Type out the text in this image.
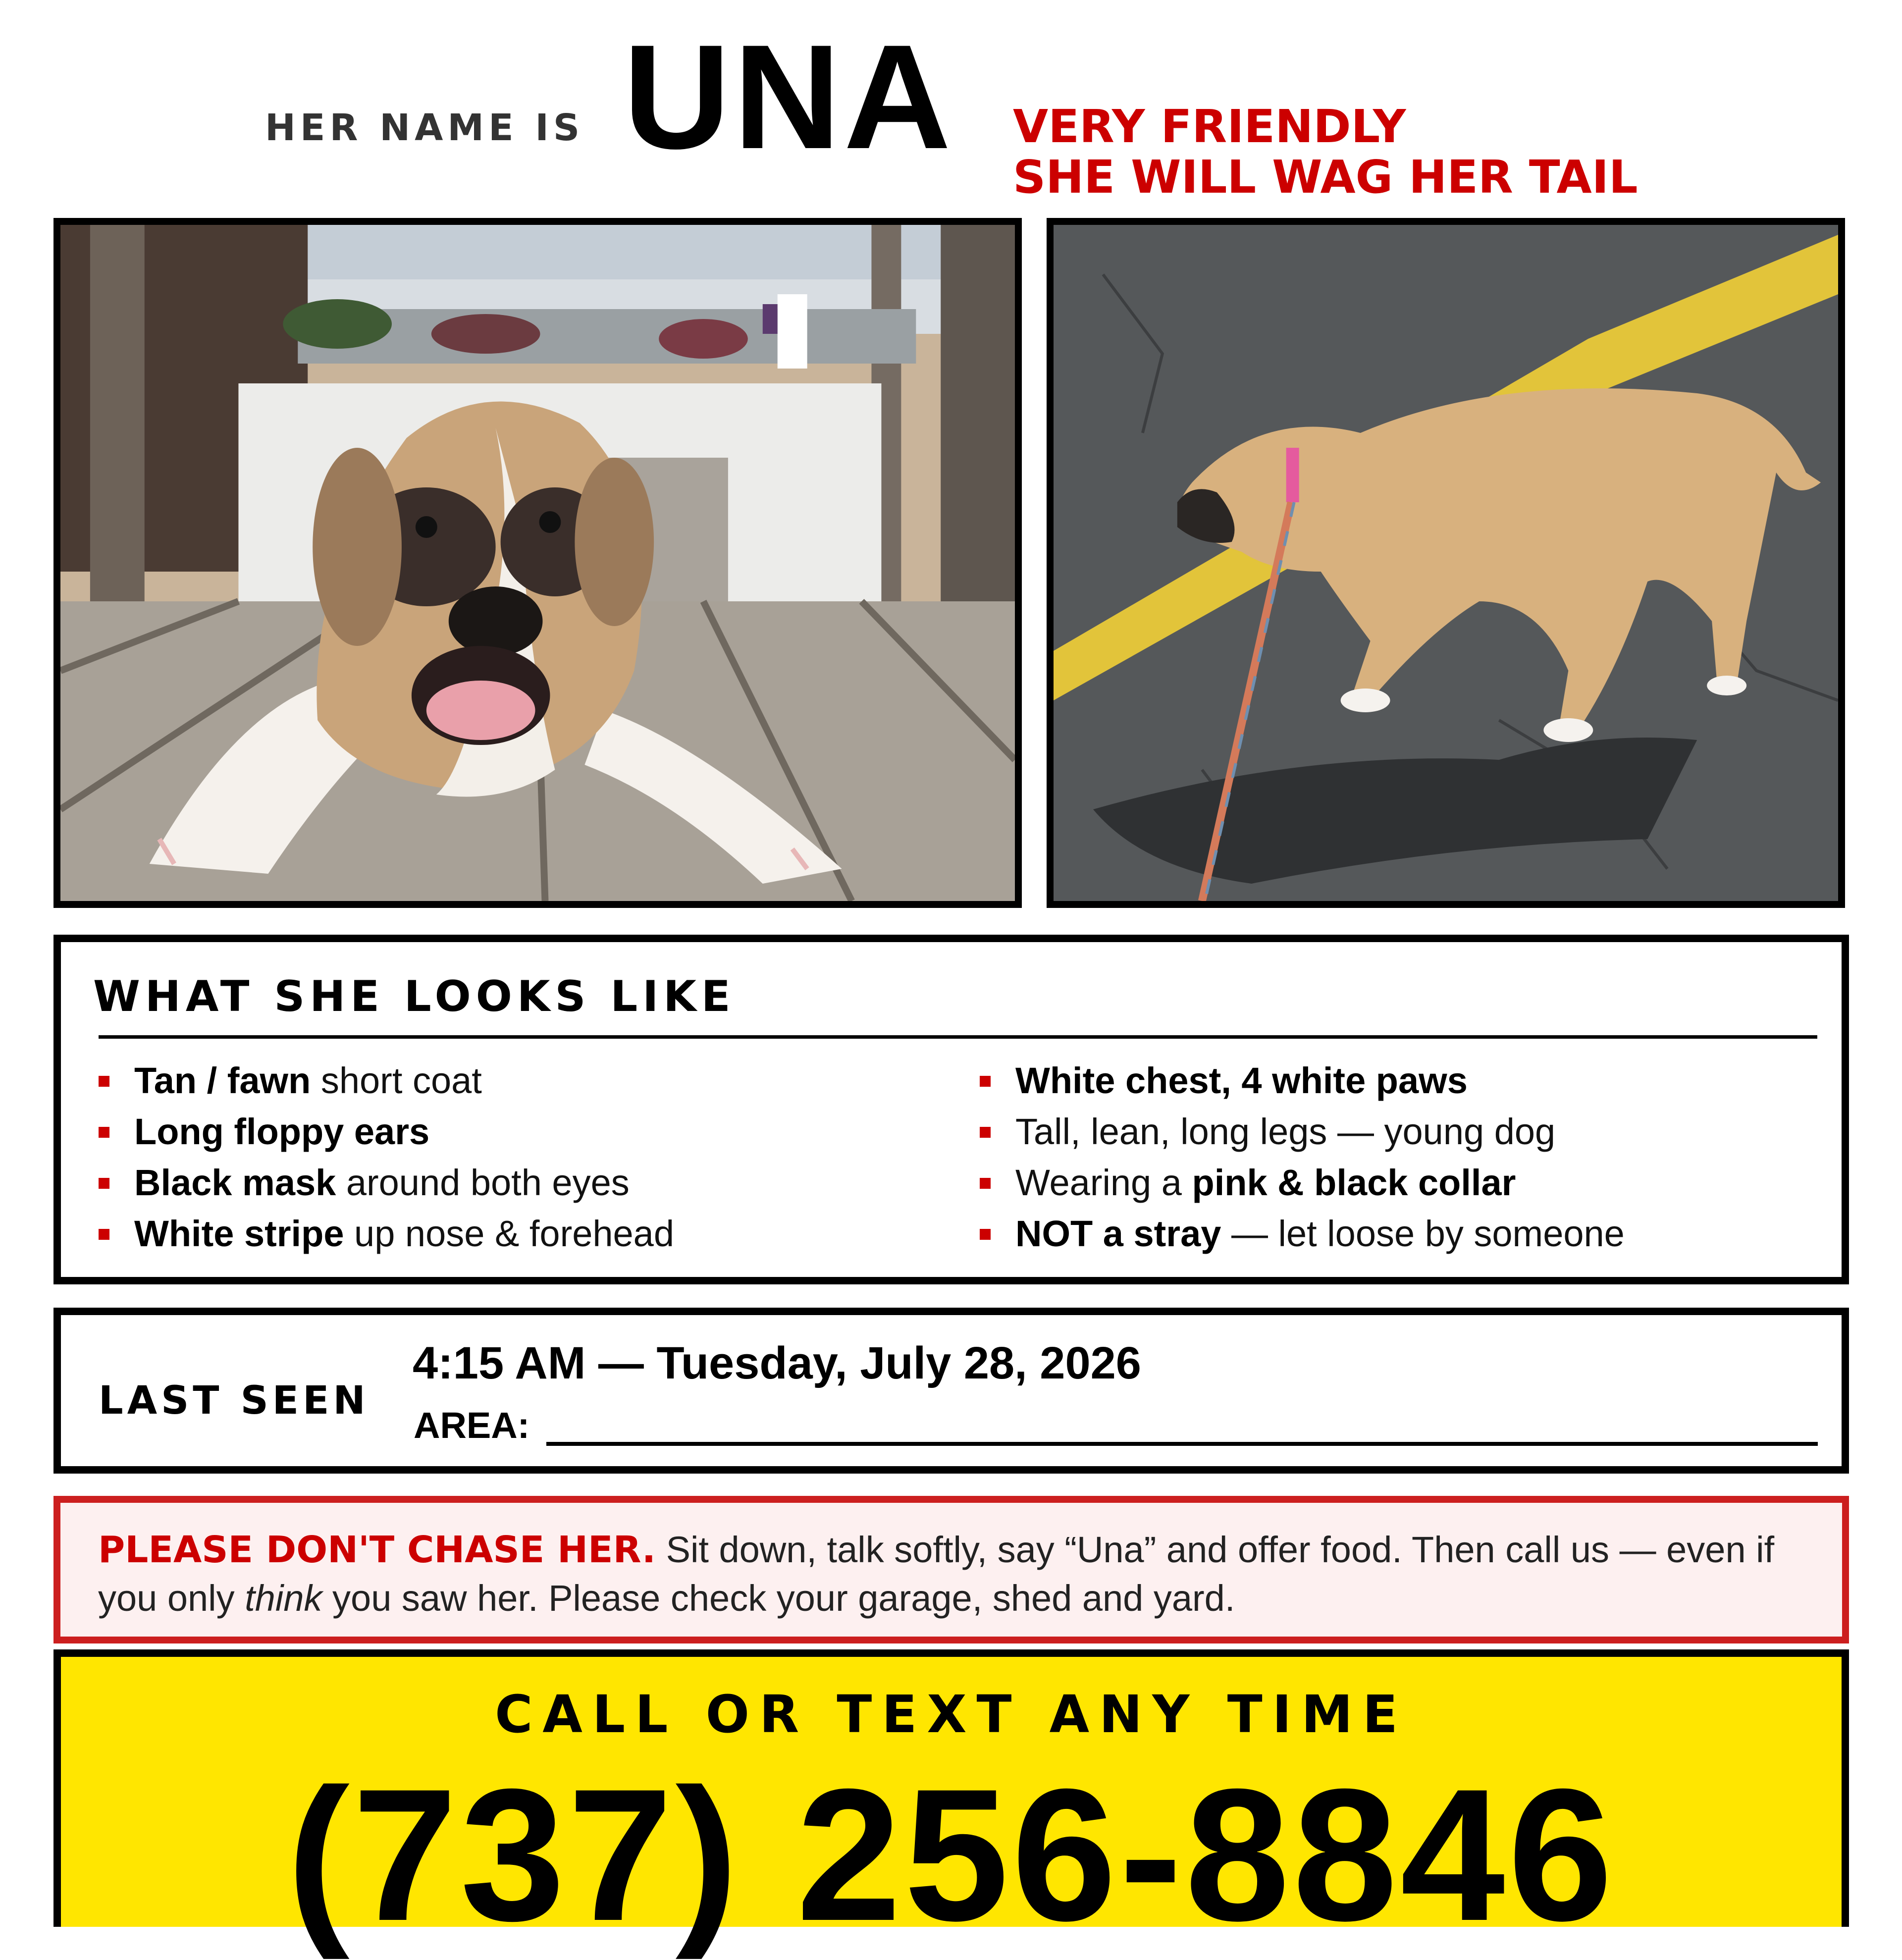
HER NAME IS UNA VERY FRIENDLY
SHE WILL WAG HER TAIL
WHAT SHE LOOKS LIKE
Tan / fawn short coat
Long floppy ears
Black mask around both eyes
White stripe up nose & forehead
White chest, 4 white paws
Tall, lean, long legs — young dog
Wearing a pink & black collar
NOT a stray — let loose by someone
LAST SEEN
4:15 AM — Tuesday, July 28, 2026
AREA:
PLEASE DON'T CHASE HER. Sit down, talk softly, say “Una” and offer food. Then call us — even if you only think you saw her. Please check your garage, shed and yard.
CALL OR TEXT ANY TIME
(737) 256-8846
